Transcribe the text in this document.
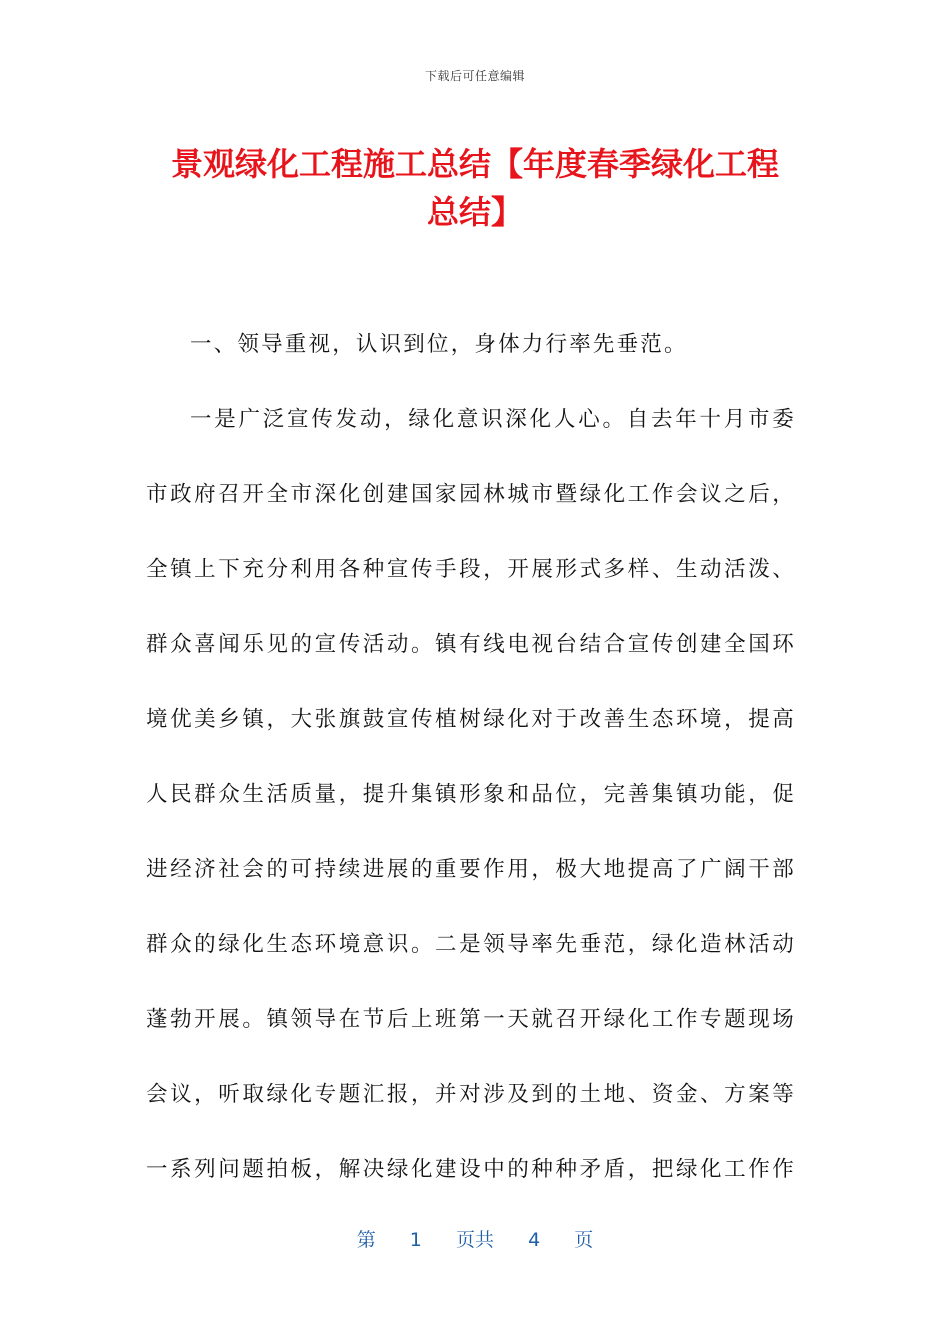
下载后可任意编辑
景观绿化工程施工总结【年度春季绿化工程
总结】
一、领导重视，认识到位，身体力行率先垂范。
一是广泛宣传发动，绿化意识深化人心。自去年十月市委
市政府召开全市深化创建国家园林城市暨绿化工作会议之后，
全镇上下充分利用各种宣传手段，开展形式多样、生动活泼、
群众喜闻乐见的宣传活动。镇有线电视台结合宣传创建全国环
境优美乡镇，大张旗鼓宣传植树绿化对于改善生态环境，提高
人民群众生活质量，提升集镇形象和品位，完善集镇功能，促
进经济社会的可持续进展的重要作用，极大地提高了广阔干部
群众的绿化生态环境意识。二是领导率先垂范，绿化造林活动
蓬勃开展。镇领导在节后上班第一天就召开绿化工作专题现场
会议，听取绿化专题汇报，并对涉及到的土地、资金、方案等
一系列问题拍板，解决绿化建设中的种种矛盾，把绿化工作作
第 1 页共 4 页
